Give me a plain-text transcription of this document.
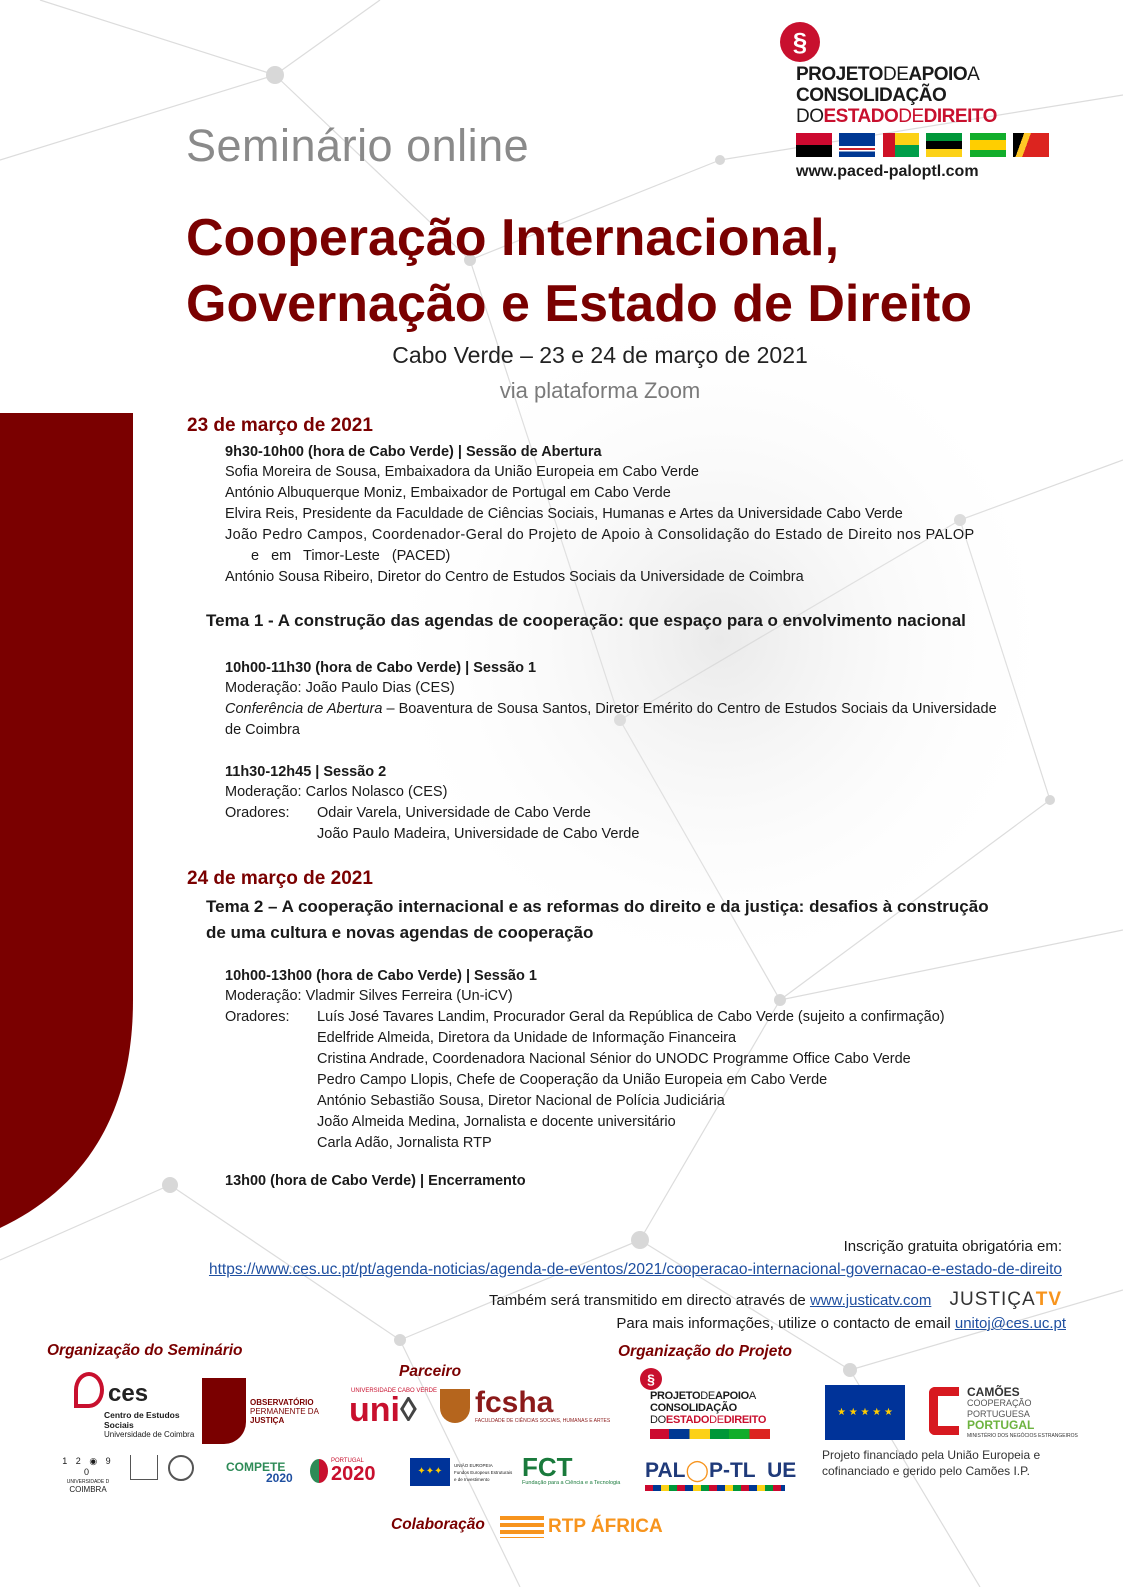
§
PROJETODEAPOIOA
CONSOLIDAÇÃO
DOESTADODEDIREITO

www.paced-paloptl.com
Seminário online
Cooperação Internacional,
Governação e Estado de Direito
Cabo Verde – 23 e 24 de março de 2021
via plataforma Zoom
23 de março de 2021
9h30-10h00 (hora de Cabo Verde) | Sessão de Abertura
Sofia Moreira de Sousa, Embaixadora da União Europeia em Cabo Verde
António Albuquerque Moniz, Embaixador de Portugal em Cabo Verde
Elvira Reis, Presidente da Faculdade de Ciências Sociais, Humanas e Artes da Universidade Cabo Verde
João Pedro Campos, Coordenador-Geral do Projeto de Apoio à Consolidação do Estado de Direito nos PALOP
e em Timor-Leste (PACED)
António Sousa Ribeiro, Diretor do Centro de Estudos Sociais da Universidade de Coimbra
Tema 1 - A construção das agendas de cooperação: que espaço para o envolvimento nacional
10h00-11h30 (hora de Cabo Verde) | Sessão 1
Moderação: João Paulo Dias (CES)
Conferência de Abertura – Boaventura de Sousa Santos, Diretor Emérito do Centro de Estudos Sociais da Universidade
de Coimbra
11h30-12h45 | Sessão 2
Moderação: Carlos Nolasco (CES)
Oradores: Odair Varela, Universidade de Cabo Verde
João Paulo Madeira, Universidade de Cabo Verde
24 de março de 2021
Tema 2 – A cooperação internacional e as reformas do direito e da justiça: desafios à construção
de uma cultura e novas agendas de cooperação
10h00-13h00 (hora de Cabo Verde) | Sessão 1
Moderação: Vladmir Silves Ferreira (Un-iCV)
Oradores: Luís José Tavares Landim, Procurador Geral da República de Cabo Verde (sujeito a confirmação)
Edelfride Almeida, Diretora da Unidade de Informação Financeira
Cristina Andrade, Coordenadora Nacional Sénior do UNODC Programme Office Cabo Verde
Pedro Campo Llopis, Chefe de Cooperação da União Europeia em Cabo Verde
António Sebastião Sousa, Diretor Nacional de Polícia Judiciária
João Almeida Medina, Jornalista e docente universitário
Carla Adão, Jornalista RTP
13h00 (hora de Cabo Verde) | Encerramento
Inscrição gratuita obrigatória em:
https://www.ces.uc.pt/pt/agenda-noticias/agenda-de-eventos/2021/cooperacao-internacional-governacao-e-estado-de-direito
Também será transmitido em directo através de www.justicatv.com JUSTIÇATV
Para mais informações, utilize o contacto de email unitoj@ces.uc.pt
Organização do Seminário
Parceiro
Organização do Projeto
Colaboração
ces
Centro de Estudos Sociais
Universidade de Coimbra
OBSERVATÓRIO
PERMANENTE DA
JUSTIÇA
UNIVERSIDADE CABO VERDE
uni◊	fcsha
FACULDADE DE CIÊNCIAS SOCIAIS, HUMANAS E ARTES
1 2 ◉ 9 0
UNIVERSIDADE D
COIMBRA
COMPETE
2020
PORTUGAL
2020	✦✦✦
UNIÃO EUROPEIA
Fundos Europeus Estruturais e de Investimento	FCT
Fundação para a Ciência e a Tecnologia
§
PROJETODEAPOIOA
CONSOLIDAÇÃO
DOESTADODEDIREITO
PAL◯P-TL UE
★ ★ ★ ★ ★
CAMÕES
COOPERAÇÃO
PORTUGUESA
PORTUGAL
MINISTÉRIO DOS NEGÓCIOS ESTRANGEIROS
Projeto financiado pela União Europeia e
cofinanciado e gerido pelo Camões I.P.
RTP ÁFRICA
